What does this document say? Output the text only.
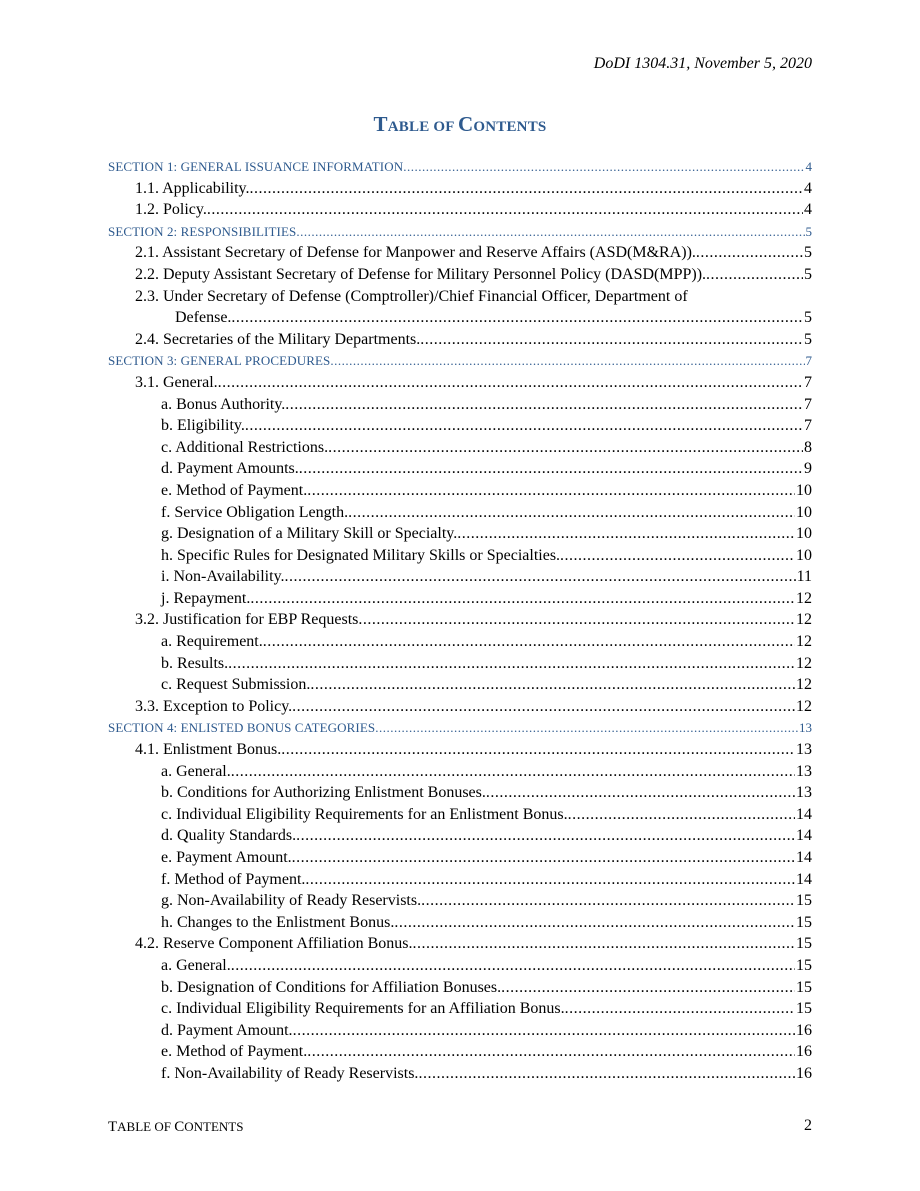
DoDI 1304.31, November 5, 2020
TABLE OF CONTENTS
SECTION 1: GENERAL ISSUANCE INFORMATION .....	4
1.1. Applicability. .....	4
1.2. Policy. .....	4
SECTION 2: RESPONSIBILITIES .....	5
2.1. Assistant Secretary of Defense for Manpower and Reserve Affairs (ASD(M&RA)). .....	5
2.2. Deputy Assistant Secretary of Defense for Military Personnel Policy (DASD(MPP)). .....	5
2.3. Under Secretary of Defense (Comptroller)/Chief Financial Officer, Department of
Defense. .....	5
2.4. Secretaries of the Military Departments. .....	5
SECTION 3: GENERAL PROCEDURES .....	7
3.1. General. .....	7
a. Bonus Authority. .....	7
b. Eligibility. .....	7
c. Additional Restrictions. .....	8
d. Payment Amounts. .....	9
e. Method of Payment. .....	10
f. Service Obligation Length. .....	10
g. Designation of a Military Skill or Specialty. .....	10
h. Specific Rules for Designated Military Skills or Specialties. .....	10
i. Non-Availability. .....	11
j. Repayment. .....	12
3.2. Justification for EBP Requests .....	12
a. Requirement. .....	12
b. Results. .....	12
c. Request Submission. .....	12
3.3. Exception to Policy. .....	12
SECTION 4: ENLISTED BONUS CATEGORIES .....	13
4.1. Enlistment Bonus. .....	13
a. General. .....	13
b. Conditions for Authorizing Enlistment Bonuses. .....	13
c. Individual Eligibility Requirements for an Enlistment Bonus. .....	14
d. Quality Standards. .....	14
e. Payment Amount. .....	14
f. Method of Payment. .....	14
g. Non-Availability of Ready Reservists. .....	15
h. Changes to the Enlistment Bonus. .....	15
4.2. Reserve Component Affiliation Bonus. .....	15
a. General. .....	15
b. Designation of Conditions for Affiliation Bonuses. .....	15
c. Individual Eligibility Requirements for an Affiliation Bonus. .....	15
d. Payment Amount. .....	16
e. Method of Payment. .....	16
f. Non-Availability of Ready Reservists. .....	16
TABLE OF CONTENTS	2
